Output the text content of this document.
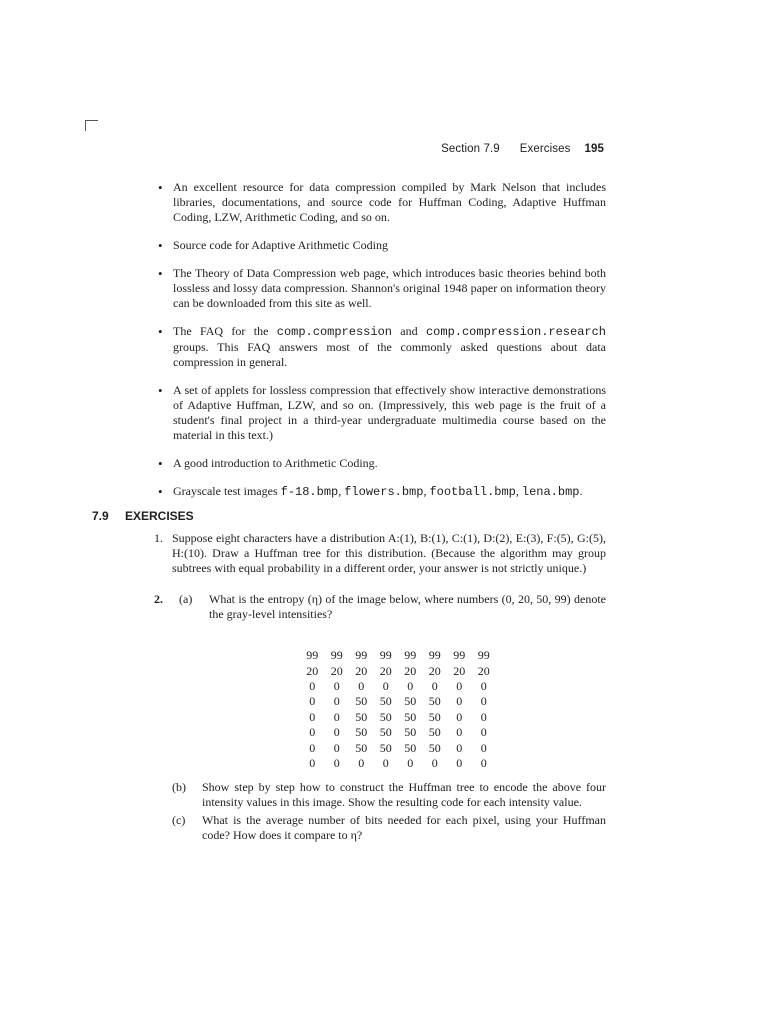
Section 7.9 Exercises 195
• An excellent resource for data compression compiled by Mark Nelson that includes libraries, documentations, and source code for Huffman Coding, Adaptive Huffman Coding, LZW, Arithmetic Coding, and so on.
• Source code for Adaptive Arithmetic Coding
• The Theory of Data Compression web page, which introduces basic theories behind both lossless and lossy data compression. Shannon's original 1948 paper on information theory can be downloaded from this site as well.
• The FAQ for the comp.compression and comp.compression.research groups. This FAQ answers most of the commonly asked questions about data compression in general.
• A set of applets for lossless compression that effectively show interactive demonstrations of Adaptive Huffman, LZW, and so on. (Impressively, this web page is the fruit of a student's final project in a third-year undergraduate multimedia course based on the material in this text.)
• A good introduction to Arithmetic Coding.
• Grayscale test images f-18.bmp, flowers.bmp, football.bmp, lena.bmp.
7.9 EXERCISES
1. Suppose eight characters have a distribution A:(1), B:(1), C:(1), D:(2), E:(3), F:(5), G:(5), H:(10). Draw a Huffman tree for this distribution. (Because the algorithm may group subtrees with equal probability in a different order, your answer is not strictly unique.)
2. (a) What is the entropy (η) of the image below, where numbers (0, 20, 50, 99) denote the gray-level intensities?
99	99	99	99	99	99	99	99
20	20	20	20	20	20	20	20
0	0	0	0	0	0	0	0
0	0	50	50	50	50	0	0
0	0	50	50	50	50	0	0
0	0	50	50	50	50	0	0
0	0	50	50	50	50	0	0
0	0	0	0	0	0	0	0
(b) Show step by step how to construct the Huffman tree to encode the above four intensity values in this image. Show the resulting code for each intensity value.
(c) What is the average number of bits needed for each pixel, using your Huffman code? How does it compare to η?
